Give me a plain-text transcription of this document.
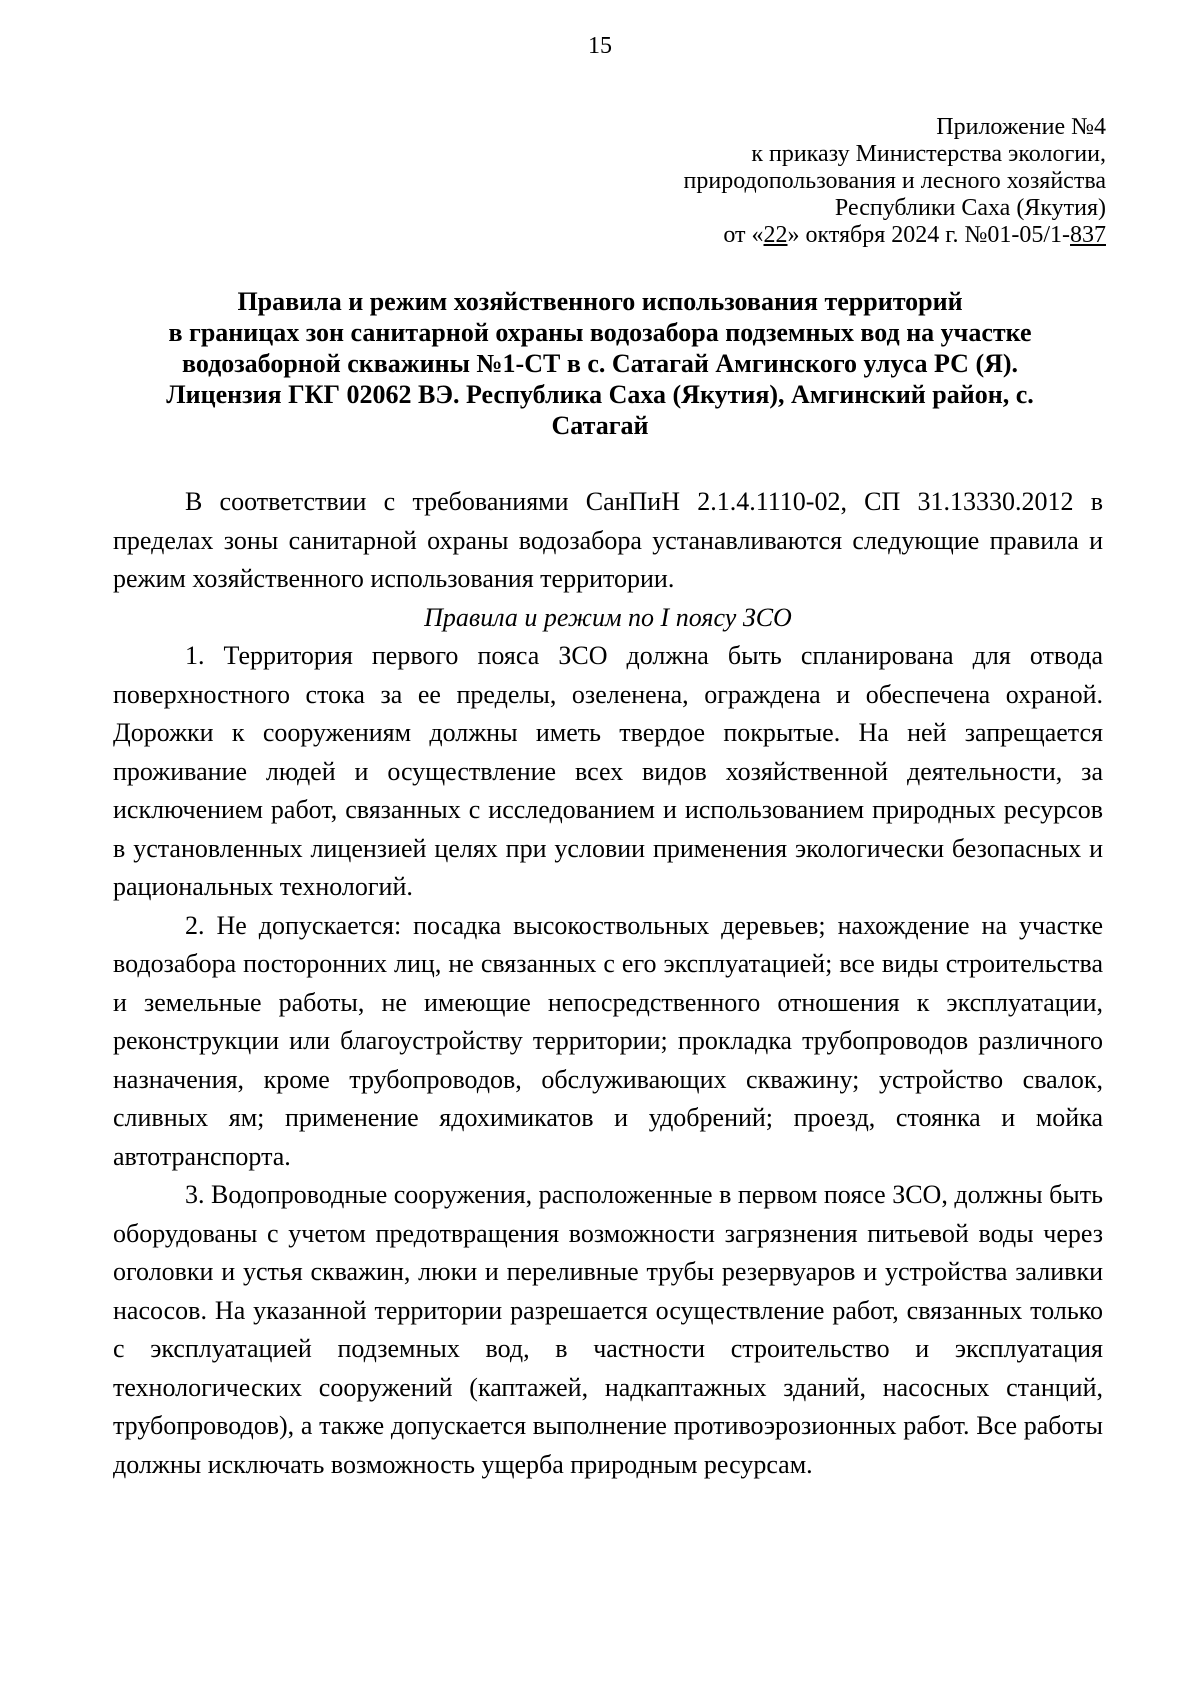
15
Приложение №4
к приказу Министерства экологии,
природопользования и лесного хозяйства
Республики Саха (Якутия)
от «22» октября 2024 г. №01-05/1-837
Правила и режим хозяйственного использования территорий
в границах зон санитарной охраны водозабора подземных вод на участке
водозаборной скважины №1-СТ в с. Сатагай Амгинского улуса РС (Я).
Лицензия ГКГ 02062 ВЭ. Республика Саха (Якутия), Амгинский район, с.
Сатагай

В соответствии с требованиями СанПиН 2.1.4.1110-02, СП 31.13330.2012 в пределах зоны санитарной охраны водозабора устанавливаются следующие правила и режим хозяйственного использования территории.

Правила и режим по I поясу ЗСО

1. Территория первого пояса ЗСО должна быть спланирована для отвода поверхностного стока за ее пределы, озеленена, ограждена и обеспечена охраной. Дорожки к сооружениям должны иметь твердое покрытые. На ней запрещается проживание людей и осуществление всех видов хозяйственной деятельности, за исключением работ, связанных с исследованием и использованием природных ресурсов в установленных лицензией целях при условии применения экологически безопасных и рациональных технологий.

2. Не допускается: посадка высокоствольных деревьев; нахождение на участке водозабора посторонних лиц, не связанных с его эксплуатацией; все виды строительства и земельные работы, не имеющие непосредственного отношения к эксплуатации, реконструкции или благоустройству территории; прокладка трубопроводов различного назначения, кроме трубопроводов, обслуживающих скважину; устройство свалок, сливных ям; применение ядохимикатов и удобрений; проезд, стоянка и мойка автотранспорта.

3. Водопроводные сооружения, расположенные в первом поясе ЗСО, должны быть оборудованы с учетом предотвращения возможности загрязнения питьевой воды через оголовки и устья скважин, люки и переливные трубы резервуаров и устройства заливки насосов. На указанной территории разрешается осуществление работ, связанных только с эксплуатацией подземных вод, в частности строительство и эксплуатация технологических сооружений (каптажей, надкаптажных зданий, насосных станций, трубопроводов), а также допускается выполнение противоэрозионных работ. Все работы должны исключать возможность ущерба природным ресурсам.
